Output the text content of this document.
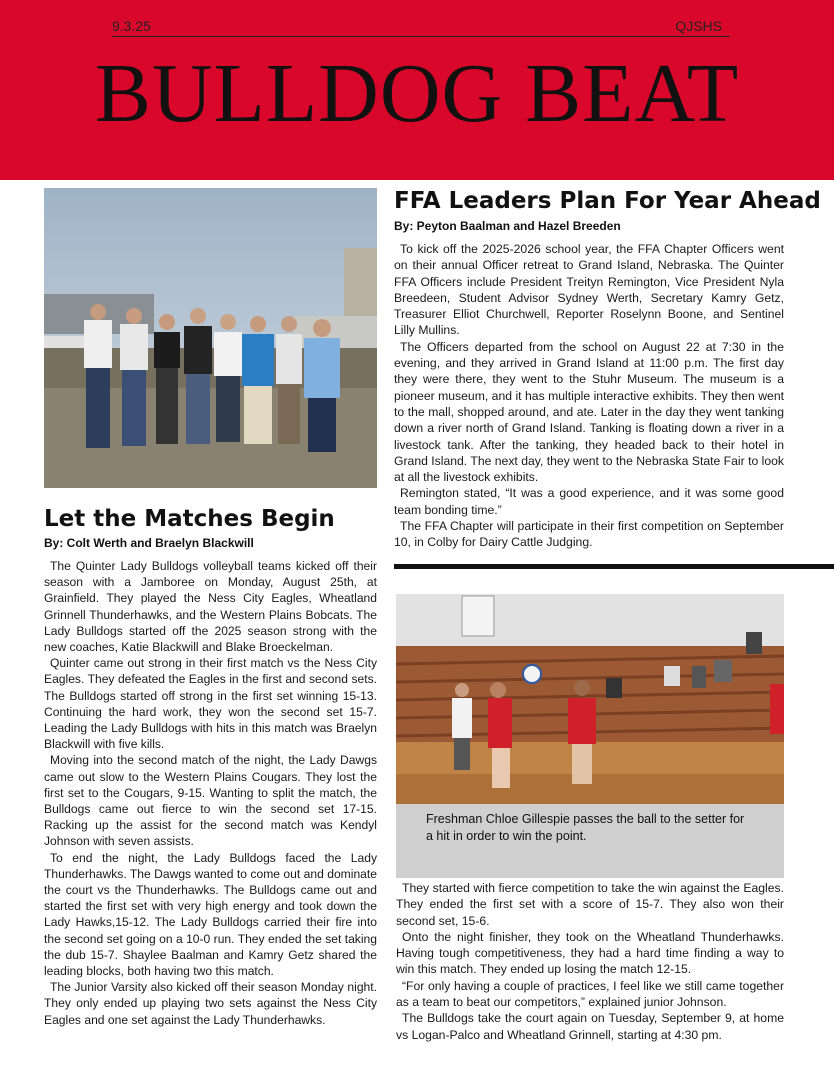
9.3.25	QJSHS
BULLDOG BEAT
FFA Leaders Plan For Year Ahead
By: Peyton Baalman and Hazel Breeden

To kick off the 2025-2026 school year, the FFA Chapter Officers went on their annual Officer retreat to Grand Island, Nebraska. The Quinter FFA Officers include President Treityn Remington, Vice President Nyla Breedeen, Student Advisor Sydney Werth, Secretary Kamry Getz, Treasurer Elliot Churchwell, Reporter Roselynn Boone, and Sentinel Lilly Mullins.

The Officers departed from the school on August 22 at 7:30 in the evening, and they arrived in Grand Island at 11:00 p.m. The first day they were there, they went to the Stuhr Museum. The museum is a pioneer museum, and it has multiple interactive exhibits. They then went to the mall, shopped around, and ate. Later in the day they went tanking down a river north of Grand Island. Tanking is floating down a river in a livestock tank. After the tanking, they headed back to their hotel in Grand Island. The next day, they went to the Nebraska State Fair to look at all the livestock exhibits.

Remington stated, “It was a good experience, and it was some good team bonding time.”

The FFA Chapter will participate in their first competition on September 10, in Colby for Dairy Cattle Judging.

Let the Matches Begin
By: Colt Werth and Braelyn Blackwill

The Quinter Lady Bulldogs volleyball teams kicked off their season with a Jamboree on Monday, August 25th, at Grainfield. They played the Ness City Eagles, Wheatland Grinnell Thunderhawks, and the Western Plains Bobcats. The Lady Bulldogs started off the 2025 season strong with the new coaches, Katie Blackwill and Blake Broeckelman.

Quinter came out strong in their first match vs the Ness City Eagles. They defeated the Eagles in the first and second sets. The Bulldogs started off strong in the first set winning 15-13. Continuing the hard work, they won the second set 15-7. Leading the Lady Bulldogs with hits in this match was Braelyn Blackwill with five kills.

Moving into the second match of the night, the Lady Dawgs came out slow to the Western Plains Cougars. They lost the first set to the Cougars, 9-15. Wanting to split the match, the Bulldogs came out fierce to win the second set 17-15. Racking up the assist for the second match was Kendyl Johnson with seven assists.

To end the night, the Lady Bulldogs faced the Lady Thunderhawks. The Dawgs wanted to come out and dominate the court vs the Thunderhawks. The Bulldogs came out and started the first set with very high energy and took down the Lady Hawks,15-12. The Lady Bulldogs carried their fire into the second set going on a 10-0 run. They ended the set taking the dub 15-7. Shaylee Baalman and Kamry Getz shared the leading blocks, both having two this match.

The Junior Varsity also kicked off their season Monday night. They only ended up playing two sets against the Ness City Eagles and one set against the Lady Thunderhawks.

Freshman Chloe Gillespie passes the ball to the setter for a hit in order to win the point.

They started with fierce competition to take the win against the Eagles. They ended the first set with a score of 15-7. They also won their second set, 15-6.

Onto the night finisher, they took on the Wheatland Thunderhawks. Having tough competitiveness, they had a hard time finding a way to win this match. They ended up losing the match 12-15.

“For only having a couple of practices, I feel like we still came together as a team to beat our competitors,” explained junior Johnson.

The Bulldogs take the court again on Tuesday, September 9, at home vs Logan-Palco and Wheatland Grinnell, starting at 4:30 pm.
